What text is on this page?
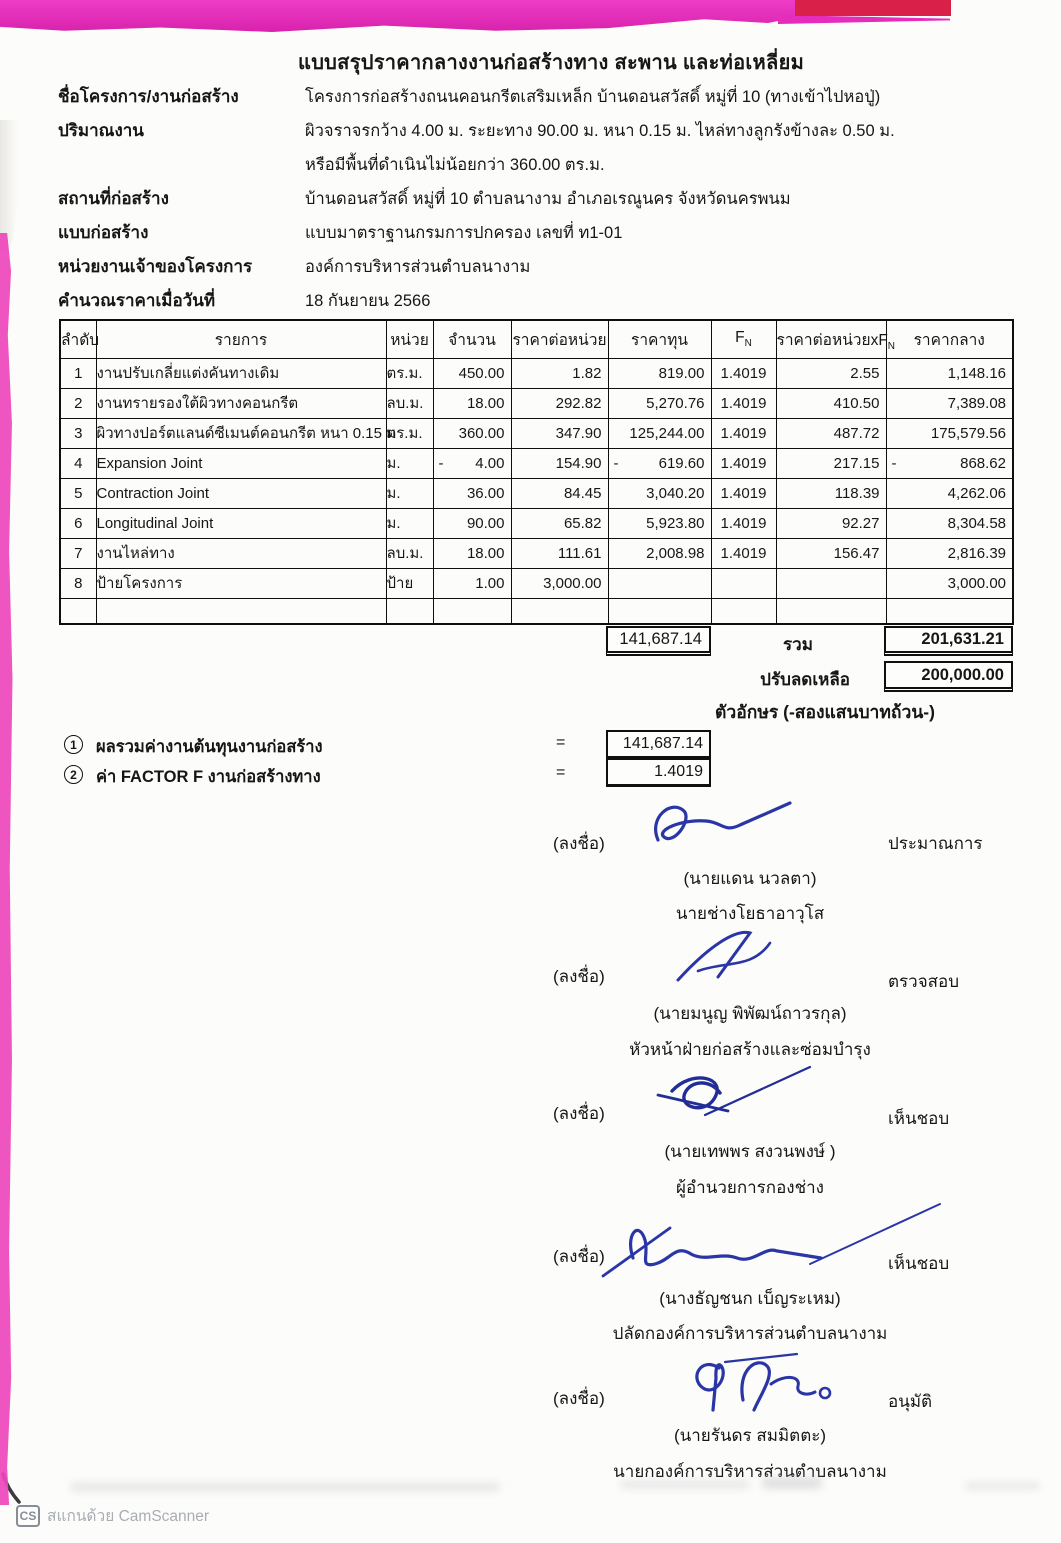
แบบสรุปราคากลางงานก่อสร้างทาง สะพาน และท่อเหลี่ยม
ชื่อโครงการ/งานก่อสร้าง	โครงการก่อสร้างถนนคอนกรีตเสริมเหล็ก บ้านดอนสวัสดิ์ หมู่ที่ 10 (ทางเข้าไปหอปู่)
ปริมาณงาน	ผิวจราจรกว้าง 4.00 ม. ระยะทาง 90.00 ม. หนา 0.15 ม. ไหล่ทางลูกรังข้างละ 0.50 ม.
หรือมีพื้นที่ดำเนินไม่น้อยกว่า 360.00 ตร.ม.
สถานที่ก่อสร้าง	บ้านดอนสวัสดิ์ หมู่ที่ 10 ตำบลนางาม อำเภอเรณูนคร จังหวัดนครพนม
แบบก่อสร้าง	แบบมาตราฐานกรมการปกครอง เลขที่ ท1-01
หน่วยงานเจ้าของโครงการ	องค์การบริหารส่วนตำบลนางาม
คำนวณราคาเมื่อวันที่	18 กันยายน 2566
ลำดับ	รายการ	หน่วย	จำนวน	ราคาต่อหน่วย	ราคาทุน	$F_N$	ราคาต่อหน่วย$xF_N$	ราคากลาง
1	งานปรับเกลี่ยแต่งคันทางเดิม	ตร.ม.	450.00	1.82	819.00	1.4019	2.55	1,148.16

2	งานทรายรองใต้ผิวทางคอนกรีต	ลบ.ม.	18.00	292.82	5,270.76	1.4019	410.50	7,389.08

3	ผิวทางปอร์ตแลนด์ซีเมนต์คอนกรีต หนา 0.15 ม	ตร.ม.	360.00	347.90	125,244.00	1.4019	487.72	175,579.56

4	Expansion Joint	ม.	- 4.00	154.90	- 619.60	1.4019	217.15	- 868.62

5	Contraction Joint	ม.	36.00	84.45	3,040.20	1.4019	118.39	4,262.06

6	Longitudinal Joint	ม.	90.00	65.82	5,923.80	1.4019	92.27	8,304.58

7	งานไหล่ทาง	ลบ.ม.	18.00	111.61	2,008.98	1.4019	156.47	2,816.39

8	ป้ายโครงการ	ป้าย	1.00	3,000.00				3,000.00

141,687.14	รวม	201,631.21
ปรับลดเหลือ	200,000.00
ตัวอักษร (-สองแสนบาทถ้วน-)
1	ผลรวมค่างานต้นทุนงานก่อสร้าง	=	141,687.14
2	ค่า FACTOR F งานก่อสร้างทาง	=	1.4019
(ลงชื่อ)	ประมาณการ
(นายแดน นวลตา)
นายช่างโยธาอาวุโส
(ลงชื่อ)	ตรวจสอบ
(นายมนูญ พิพัฒน์ถาวรกุล)
หัวหน้าฝ่ายก่อสร้างและซ่อมบำรุง
(ลงชื่อ)	เห็นชอบ
(นายเทพพร สงวนพงษ์ )
ผู้อำนวยการกองช่าง
(ลงชื่อ)	เห็นชอบ
(นางธัญชนก เบ็ญระเหม)
ปลัดกองค์การบริหารส่วนตำบลนางาม
(ลงชื่อ)	อนุมัติ
(นายรันดร สมมิตตะ)
นายกองค์การบริหารส่วนตำบลนางาม
CS สแกนด้วย CamScanner
